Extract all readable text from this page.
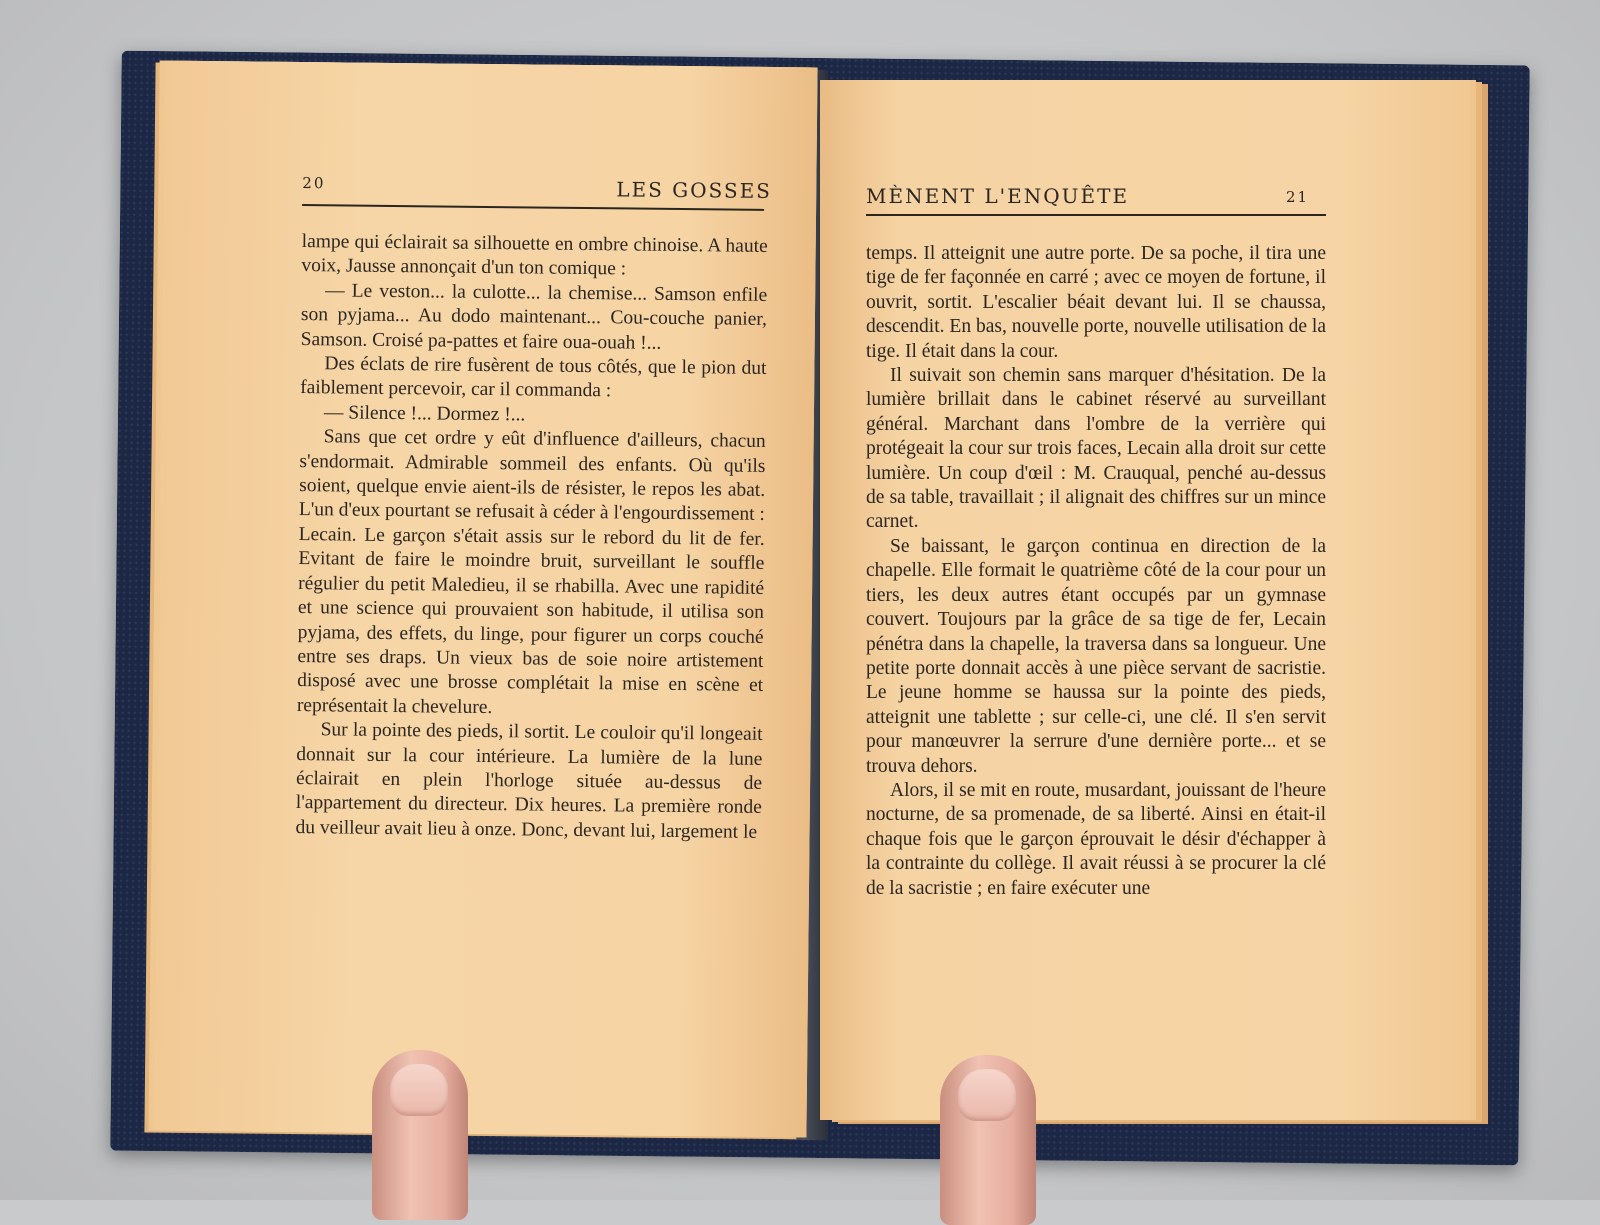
20	LES GOSSES

lampe qui éclairait sa silhouette en ombre chinoise. A haute voix, Jausse annonçait d'un ton comique :

— Le veston... la culotte... la chemise... Samson enfile son pyjama... Au dodo maintenant... Cou-couche panier, Samson. Croisé pa-pattes et faire oua-ouah !...

Des éclats de rire fusèrent de tous côtés, que le pion dut faiblement percevoir, car il commanda :

— Silence !... Dormez !...

Sans que cet ordre y eût d'influence d'ailleurs, chacun s'endormait. Admirable sommeil des enfants. Où qu'ils soient, quelque envie aient-ils de résister, le repos les abat. L'un d'eux pourtant se refusait à céder à l'engourdissement : Lecain. Le garçon s'était assis sur le rebord du lit de fer. Evitant de faire le moindre bruit, surveillant le souffle régulier du petit Maledieu, il se rhabilla. Avec une rapidité et une science qui prouvaient son habitude, il utilisa son pyjama, des effets, du linge, pour figurer un corps couché entre ses draps. Un vieux bas de soie noire artistement disposé avec une brosse complétait la mise en scène et représentait la chevelure.

Sur la pointe des pieds, il sortit. Le couloir qu'il longeait donnait sur la cour intérieure. La lumière de la lune éclairait en plein l'horloge située au-dessus de l'appartement du directeur. Dix heures. La première ronde du veilleur avait lieu à onze. Donc, devant lui, largement le

MÈNENT L'ENQUÊTE	21

temps. Il atteignit une autre porte. De sa poche, il tira une tige de fer façonnée en carré ; avec ce moyen de fortune, il ouvrit, sortit. L'escalier béait devant lui. Il se chaussa, descendit. En bas, nouvelle porte, nouvelle utilisation de la tige. Il était dans la cour.

Il suivait son chemin sans marquer d'hésitation. De la lumière brillait dans le cabinet réservé au surveillant général. Marchant dans l'ombre de la verrière qui protégeait la cour sur trois faces, Lecain alla droit sur cette lumière. Un coup d'œil : M. Crauqual, penché au-dessus de sa table, travaillait ; il alignait des chiffres sur un mince carnet.

Se baissant, le garçon continua en direction de la chapelle. Elle formait le quatrième côté de la cour pour un tiers, les deux autres étant occupés par un gymnase couvert. Toujours par la grâce de sa tige de fer, Lecain pénétra dans la chapelle, la traversa dans sa longueur. Une petite porte donnait accès à une pièce servant de sacristie. Le jeune homme se haussa sur la pointe des pieds, atteignit une tablette ; sur celle-ci, une clé. Il s'en servit pour manœuvrer la serrure d'une dernière porte... et se trouva dehors.

Alors, il se mit en route, musardant, jouissant de l'heure nocturne, de sa promenade, de sa liberté. Ainsi en était-il chaque fois que le garçon éprouvait le désir d'échapper à la contrainte du collège. Il avait réussi à se procurer la clé de la sacristie ; en faire exécuter une
